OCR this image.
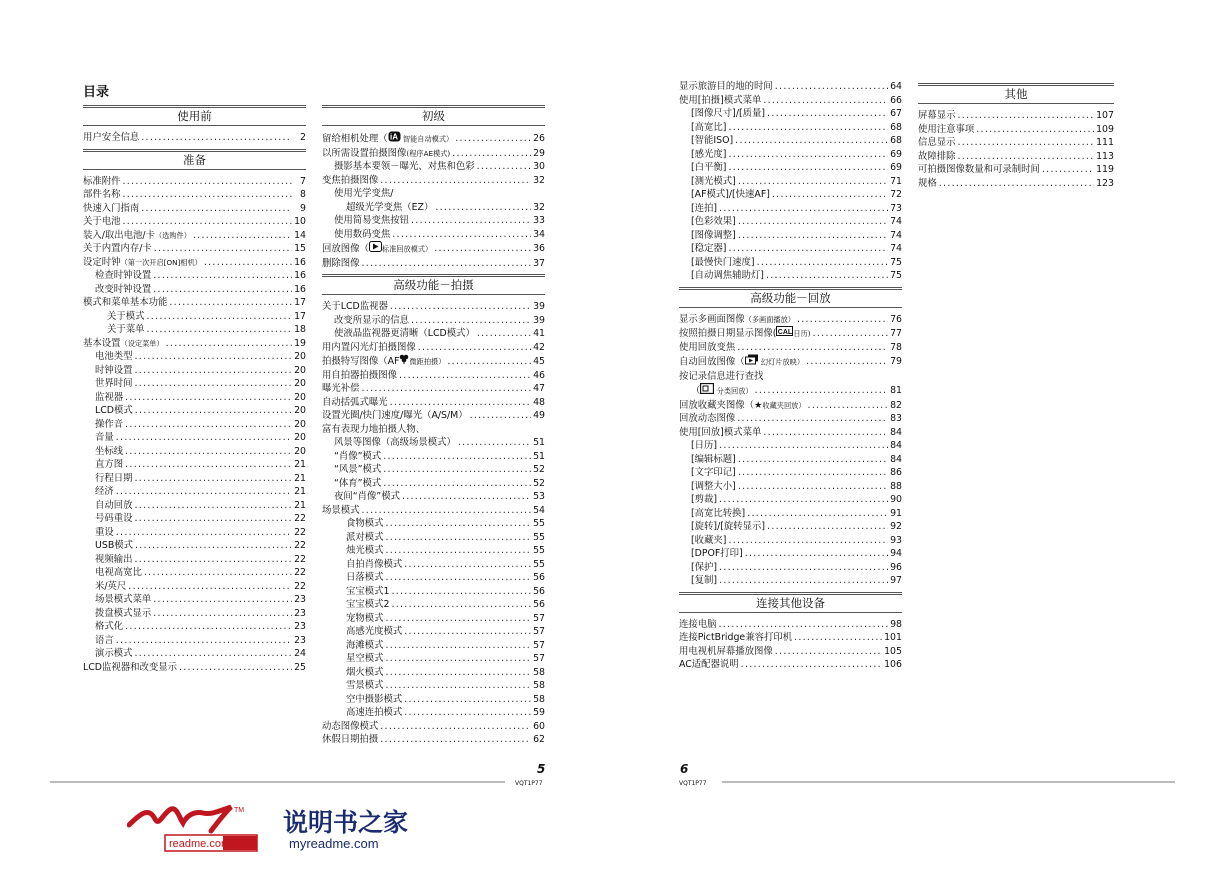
目录
使用前
用户安全信息 .....	2
准备
标准附件 .....	7
部件名称 .....	8
快速入门指南 .....	9
关于电池 .....	10
装入/取出电池/卡（选购件） .....	14
关于内置内存/卡 .....	15
设定时钟（第一次开启[ON]相机） .....	16
检查时钟设置 .....	16
改变时钟设置 .....	16
模式和菜单基本功能 .....	17
关于模式 .....	17
关于菜单 .....	18
基本设置（设定菜单） .....	19
电池类型 .....	20
时钟设置 .....	20
世界时间 .....	20
监视器 .....	20
LCD模式 .....	20
操作音 .....	20
音量 .....	20
坐标线 .....	20
直方图 .....	21
行程日期 .....	21
经济 .....	21
自动回放 .....	21
号码重设 .....	22
重设 .....	22
USB模式 .....	22
视频输出 .....	22
电视高宽比 .....	22
米/英尺 .....	22
场景模式菜单 .....	23
拨盘模式显示 .....	23
格式化 .....	23
语言 .....	23
演示模式 .....	24
LCD监视器和改变显示 .....	25
初级
留给相机处理（ iA 智能自动模式） .....	26
以所需设置拍摄图像(程序AE模式) .....	29
摄影基本要领－曝光、对焦和色彩 .....	30
变焦拍摄图像 .....	32
使用光学变焦/
超级光学变焦（EZ） .....	32
使用简易变焦按钮 .....	33
使用数码变焦 .....	34
回放图像（ 标准回放模式） .....	36
删除图像 .....	37
高级功能－拍摄
关于LCD监视器 .....	39
改变所显示的信息 .....	39
使液晶监视器更清晰（LCD模式） .....	41
用内置闪光灯拍摄图像 .....	42
拍摄特写图像（AF 微距拍摄） .....	45
用自拍器拍摄图像 .....	46
曝光补偿 .....	47
自动括弧式曝光 .....	48
设置光圈/快门速度/曝光（A/S/M） .....	49
富有表现力地拍摄人物、
风景等图像（高级场景模式） .....	51
“肖像”模式 .....	51
“风景”模式 .....	52
“体育”模式 .....	52
夜间“肖像”模式 .....	53
场景模式 .....	54
食物模式 .....	55
派对模式 .....	55
烛光模式 .....	55
自拍肖像模式 .....	55
日落模式 .....	56
宝宝模式1 .....	56
宝宝模式2 .....	56
宠物模式 .....	57
高感光度模式 .....	57
海滩模式 .....	57
星空模式 .....	57
烟火模式 .....	58
雪景模式 .....	58
空中摄影模式 .....	58
高速连拍模式 .....	59
动态图像模式 .....	60
休假日期拍摄 .....	62
显示旅游目的地的时间 .....	64
使用[拍摄]模式菜单 .....	66
[图像尺寸]/[质量] .....	67
[高宽比] .....	68
[智能ISO] .....	68
[感光度] .....	69
[白平衡] .....	69
[测光模式] .....	71
[AF模式]/[快速AF] .....	72
[连拍] .....	73
[色彩效果] .....	74
[图像调整] .....	74
[稳定器] .....	74
[最慢快门速度] .....	75
[自动调焦辅助灯] .....	75
高级功能－回放
显示多画面图像（多画面播放） .....	76
按照拍摄日期显示图像( CAL 日历) .....	77
使用回放变焦 .....	78
自动回放图像（ 幻灯片放映） .....	79
按记录信息进行查找
（ 分类回放） .....	81
回放收藏夹图像（★收藏夹回放） .....	82
回放动态图像 .....	83
使用[回放]模式菜单 .....	84
[日历] .....	84
[编辑标题] .....	84
[文字印记] .....	86
[调整大小] .....	88
[剪裁] .....	90
[高宽比转换] .....	91
[旋转]/[旋转显示] .....	92
[收藏夹] .....	93
[DPOF打印] .....	94
[保护] .....	96
[复制] .....	97
连接其他设备
连接电脑 .....	98
连接PictBridge兼容打印机 .....	101
用电视机屏幕播放图像 .....	105
AC适配器说明 .....	106
其他
屏幕显示 .....	107
使用注意事项 .....	109
信息显示 .....	111
故障排除 .....	113
可拍摄图像数量和可录制时间 .....	119
规格 .....	123
5
VQT1P77
6
VQT1P77
TM
readme.com
说明书之家
myreadme.com
